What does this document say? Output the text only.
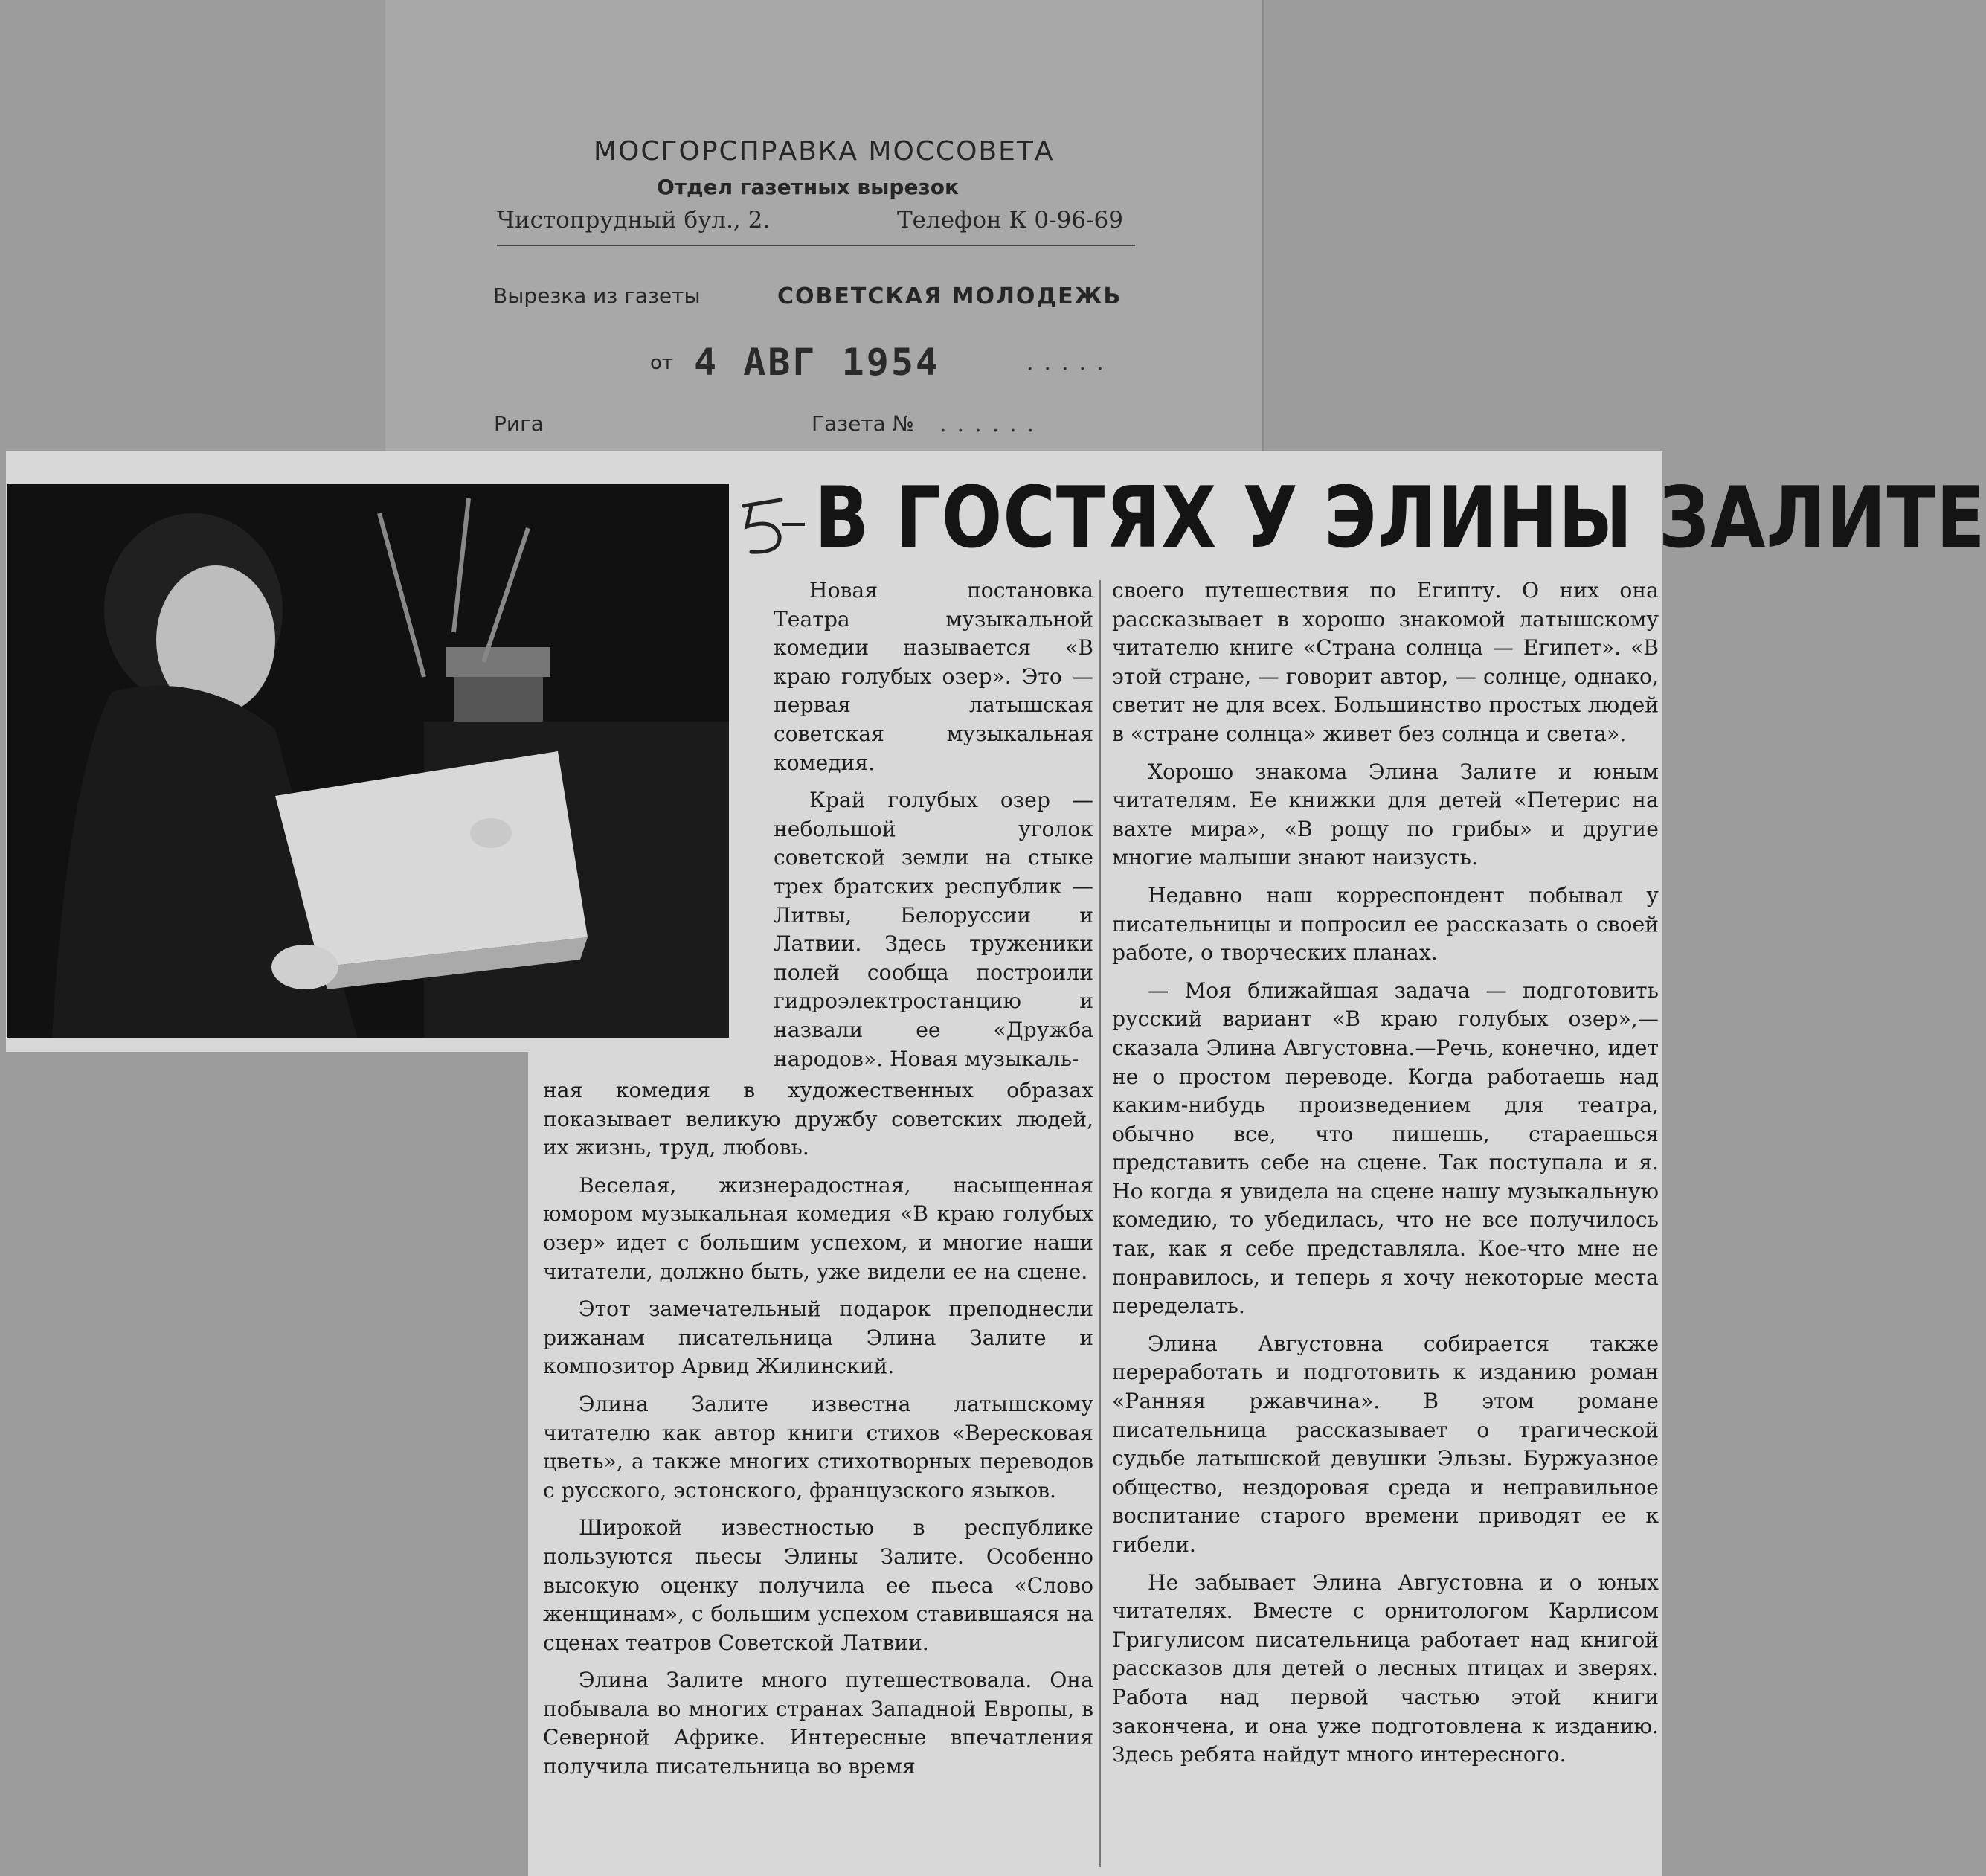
МОСГОРСПРАВКА МОССОВЕТА
Отдел газетных вырезок
Чистопрудный бул., 2.	Телефон К 0-96-69
Вырезка из газеты	СОВЕТСКАЯ МОЛОДЕЖЬ
от 4 АВГ 1954	.....
Рига	Газета № ......
В ГОСТЯХ У ЭЛИНЫ ЗАЛИТЕ

Новая постановка Театра музыкальной комедии называется «В краю голубых озер». Это — первая латышская советская музыкальная комедия.

Край голубых озер — небольшой уголок советской земли на стыке трех братских республик — Литвы, Белоруссии и Латвии. Здесь труженики полей сообща построили гидроэлектростанцию и назвали ее «Дружба народов». Новая музыкаль-

ная комедия в художественных образах показывает великую дружбу советских людей, их жизнь, труд, любовь.

Веселая, жизнерадостная, насыщенная юмором музыкальная комедия «В краю голубых озер» идет с большим успехом, и многие наши читатели, должно быть, уже видели ее на сцене.

Этот замечательный подарок преподнесли рижанам писательница Элина Залите и композитор Арвид Жилинский.

Элина Залите известна латышскому читателю как автор книги стихов «Вересковая цветь», а также многих стихотворных переводов с русского, эстонского, французского языков.

Широкой известностью в республике пользуются пьесы Элины Залите. Особенно высокую оценку получила ее пьеса «Слово женщинам», с большим успехом ставившаяся на сценах театров Советской Латвии.

Элина Залите много путешествовала. Она побывала во многих странах Западной Европы, в Северной Африке. Интересные впечатления получила писательница во время

своего путешествия по Египту. О них она рассказывает в хорошо знакомой латышскому читателю книге «Страна солнца — Египет». «В этой стране, — говорит автор, — солнце, однако, светит не для всех. Большинство простых людей в «стране солнца» живет без солнца и света».

Хорошо знакома Элина Залите и юным читателям. Ее книжки для детей «Петерис на вахте мира», «В рощу по грибы» и другие многие малыши знают наизусть.

Недавно наш корреспондент побывал у писательницы и попросил ее рассказать о своей работе, о творческих планах.

— Моя ближайшая задача — подготовить русский вариант «В краю голубых озер»,—сказала Элина Августовна.—Речь, конечно, идет не о простом переводе. Когда работаешь над каким-нибудь произведением для театра, обычно все, что пишешь, стараешься представить себе на сцене. Так поступала и я. Но когда я увидела на сцене нашу музыкальную комедию, то убедилась, что не все получилось так, как я себе представляла. Кое-что мне не понравилось, и теперь я хочу некоторые места переделать.

Элина Августовна собирается также переработать и подготовить к изданию роман «Ранняя ржавчина». В этом романе писательница рассказывает о трагической судьбе латышской девушки Эльзы. Буржуазное общество, нездоровая среда и неправильное воспитание старого времени приводят ее к гибели.

Не забывает Элина Августовна и о юных читателях. Вместе с орнитологом Карлисом Григулисом писательница работает над книгой рассказов для детей о лесных птицах и зверях. Работа над первой частью этой книги закончена, и она уже подготовлена к изданию. Здесь ребята найдут много интересного.
